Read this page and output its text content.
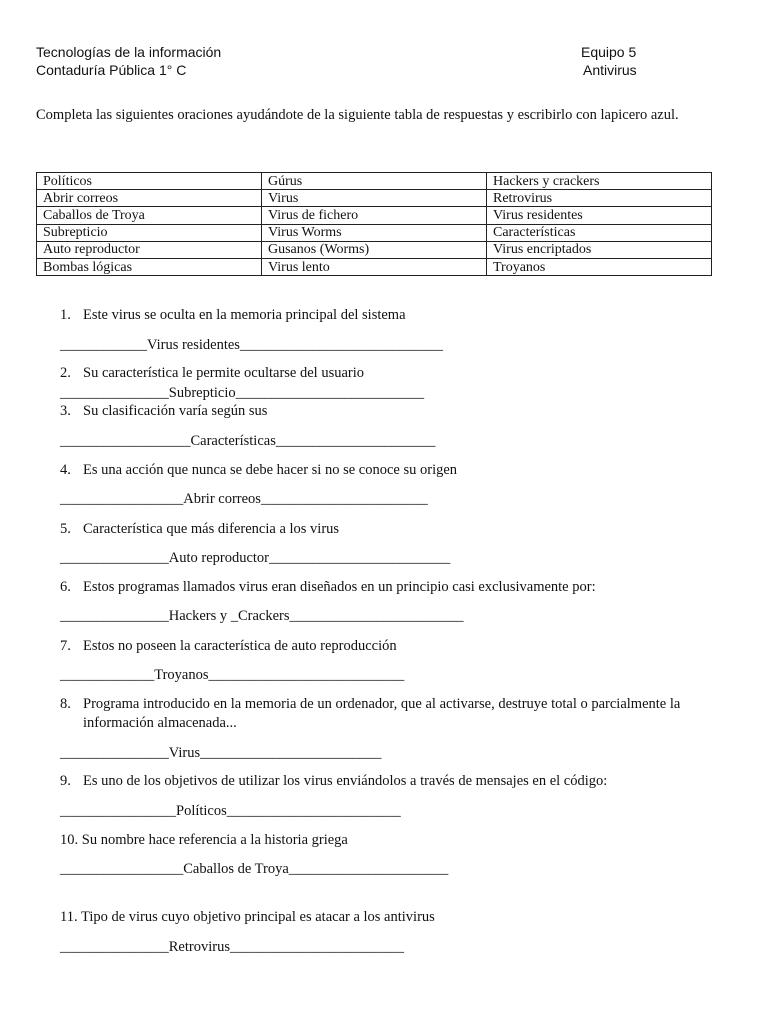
Tecnologías de la información
Contaduría Pública 1° C
Equipo 5
Antivirus
Completa las siguientes oraciones ayudándote de la siguiente tabla de respuestas y escribirlo con lapicero azul.
Políticos	Gúrus	Hackers y crackers
Abrir correos	Virus	Retrovirus
Caballos de Troya	Virus de fichero	Virus residentes
Subrepticio	Virus Worms	Características
Auto reproductor	Gusanos (Worms)	Virus encriptados
Bombas lógicas	Virus lento	Troyanos
1. Este virus se oculta en la memoria principal del sistema
____________Virus residentes____________________________
2. Su característica le permite ocultarse del usuario
_______________Subrepticio__________________________
3. Su clasificación varía según sus
__________________Características______________________
4. Es una acción que nunca se debe hacer si no se conoce su origen
_________________Abrir correos_______________________
5. Característica que más diferencia a los virus
_______________Auto reproductor_________________________
6. Estos programas llamados virus eran diseñados en un principio casi exclusivamente por:
_______________Hackers y _Crackers________________________
7. Estos no poseen la característica de auto reproducción
_____________Troyanos___________________________
8. Programa introducido en la memoria de un ordenador, que al activarse, destruye total o parcialmente la
información almacenada...
_______________Virus_________________________
9. Es uno de los objetivos de utilizar los virus enviándolos a través de mensajes en el código:
________________Políticos________________________
10. Su nombre hace referencia a la historia griega
_________________Caballos de Troya______________________
11. Tipo de virus cuyo objetivo principal es atacar a los antivirus
_______________Retrovirus________________________
